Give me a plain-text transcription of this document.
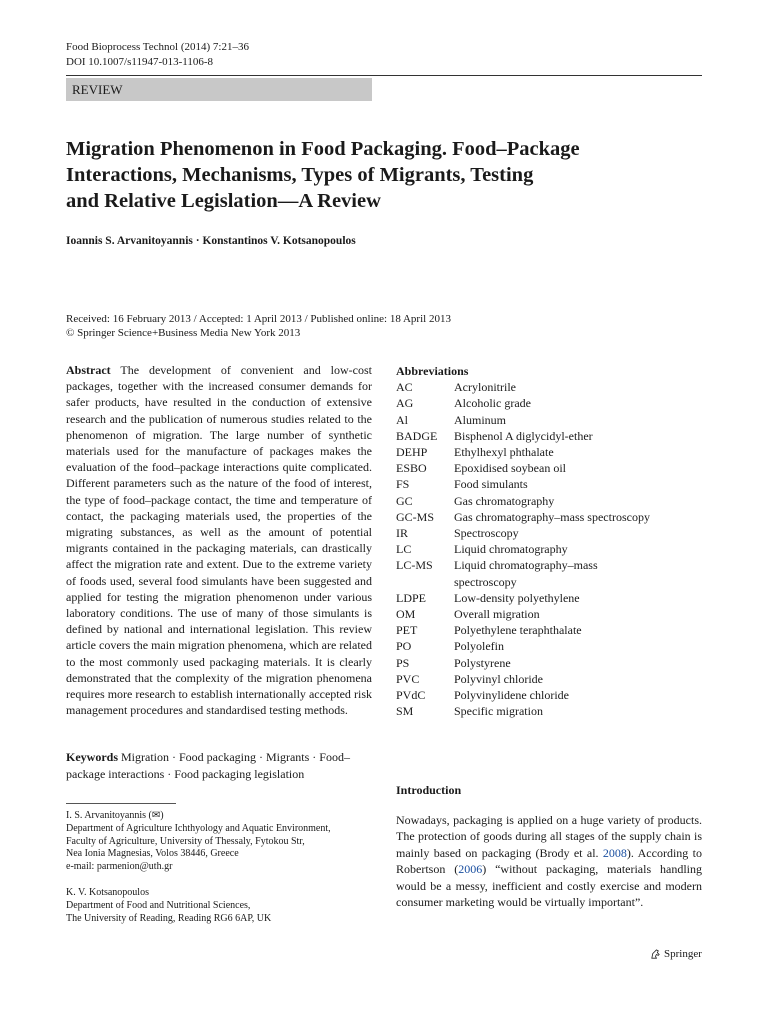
Food Bioprocess Technol (2014) 7:21–36
DOI 10.1007/s11947-013-1106-8
REVIEW
Migration Phenomenon in Food Packaging. Food–Package
Interactions, Mechanisms, Types of Migrants, Testing
and Relative Legislation—A Review
Ioannis S. Arvanitoyannis · Konstantinos V. Kotsanopoulos
Received: 16 February 2013 / Accepted: 1 April 2013 / Published online: 18 April 2013
© Springer Science+Business Media New York 2013
Abstract The development of convenient and low-cost packages, together with the increased consumer demands for safer products, have resulted in the conduction of extensive research and the publication of numerous studies related to the phenomenon of migration. The large number of synthetic materials used for the manufacture of packages makes the evaluation of the food–package interactions quite complicated. Different parameters such as the nature of the food of interest, the type of food–package contact, the time and temperature of contact, the packaging materials used, the properties of the migrating substances, as well as the amount of potential migrants contained in the packaging materials, can drastically affect the migration rate and extent. Due to the extreme variety of foods used, several food simulants have been suggested and applied for testing the migration phenomenon under various laboratory conditions. The use of many of those simulants is defined by national and international legislation. This review article covers the main migration phenomena, which are related to the most commonly used packaging materials. It is clearly demonstrated that the complexity of the migration phenomena requires more research to establish internationally accepted risk management procedures and standardised testing methods.
Keywords Migration · Food packaging · Migrants · Food–package interactions · Food packaging legislation
I. S. Arvanitoyannis (✉)
Department of Agriculture Ichthyology and Aquatic Environment,
Faculty of Agriculture, University of Thessaly, Fytokou Str,
Nea Ionia Magnesias, Volos 38446, Greece
e-mail: parmenion@uth.gr
K. V. Kotsanopoulos
Department of Food and Nutritional Sciences,
The University of Reading, Reading RG6 6AP, UK
Abbreviations
AC	Acrylonitrile
AG	Alcoholic grade
Al	Aluminum
BADGE	Bisphenol A diglycidyl-ether
DEHP	Ethylhexyl phthalate
ESBO	Epoxidised soybean oil
FS	Food simulants
GC	Gas chromatography
GC-MS	Gas chromatography–mass spectroscopy
IR	Spectroscopy
LC	Liquid chromatography
LC-MS	Liquid chromatography–mass
spectroscopy
LDPE	Low-density polyethylene
OM	Overall migration
PET	Polyethylene teraphthalate
PO	Polyolefin
PS	Polystyrene
PVC	Polyvinyl chloride
PVdC	Polyvinylidene chloride
SM	Specific migration
Introduction
Nowadays, packaging is applied on a huge variety of products. The protection of goods during all stages of the supply chain is mainly based on packaging (Brody et al. 2008). According to Robertson (2006) “without packaging, materials handling would be a messy, inefficient and costly exercise and modern consumer marketing would be virtually important”.
Springer
